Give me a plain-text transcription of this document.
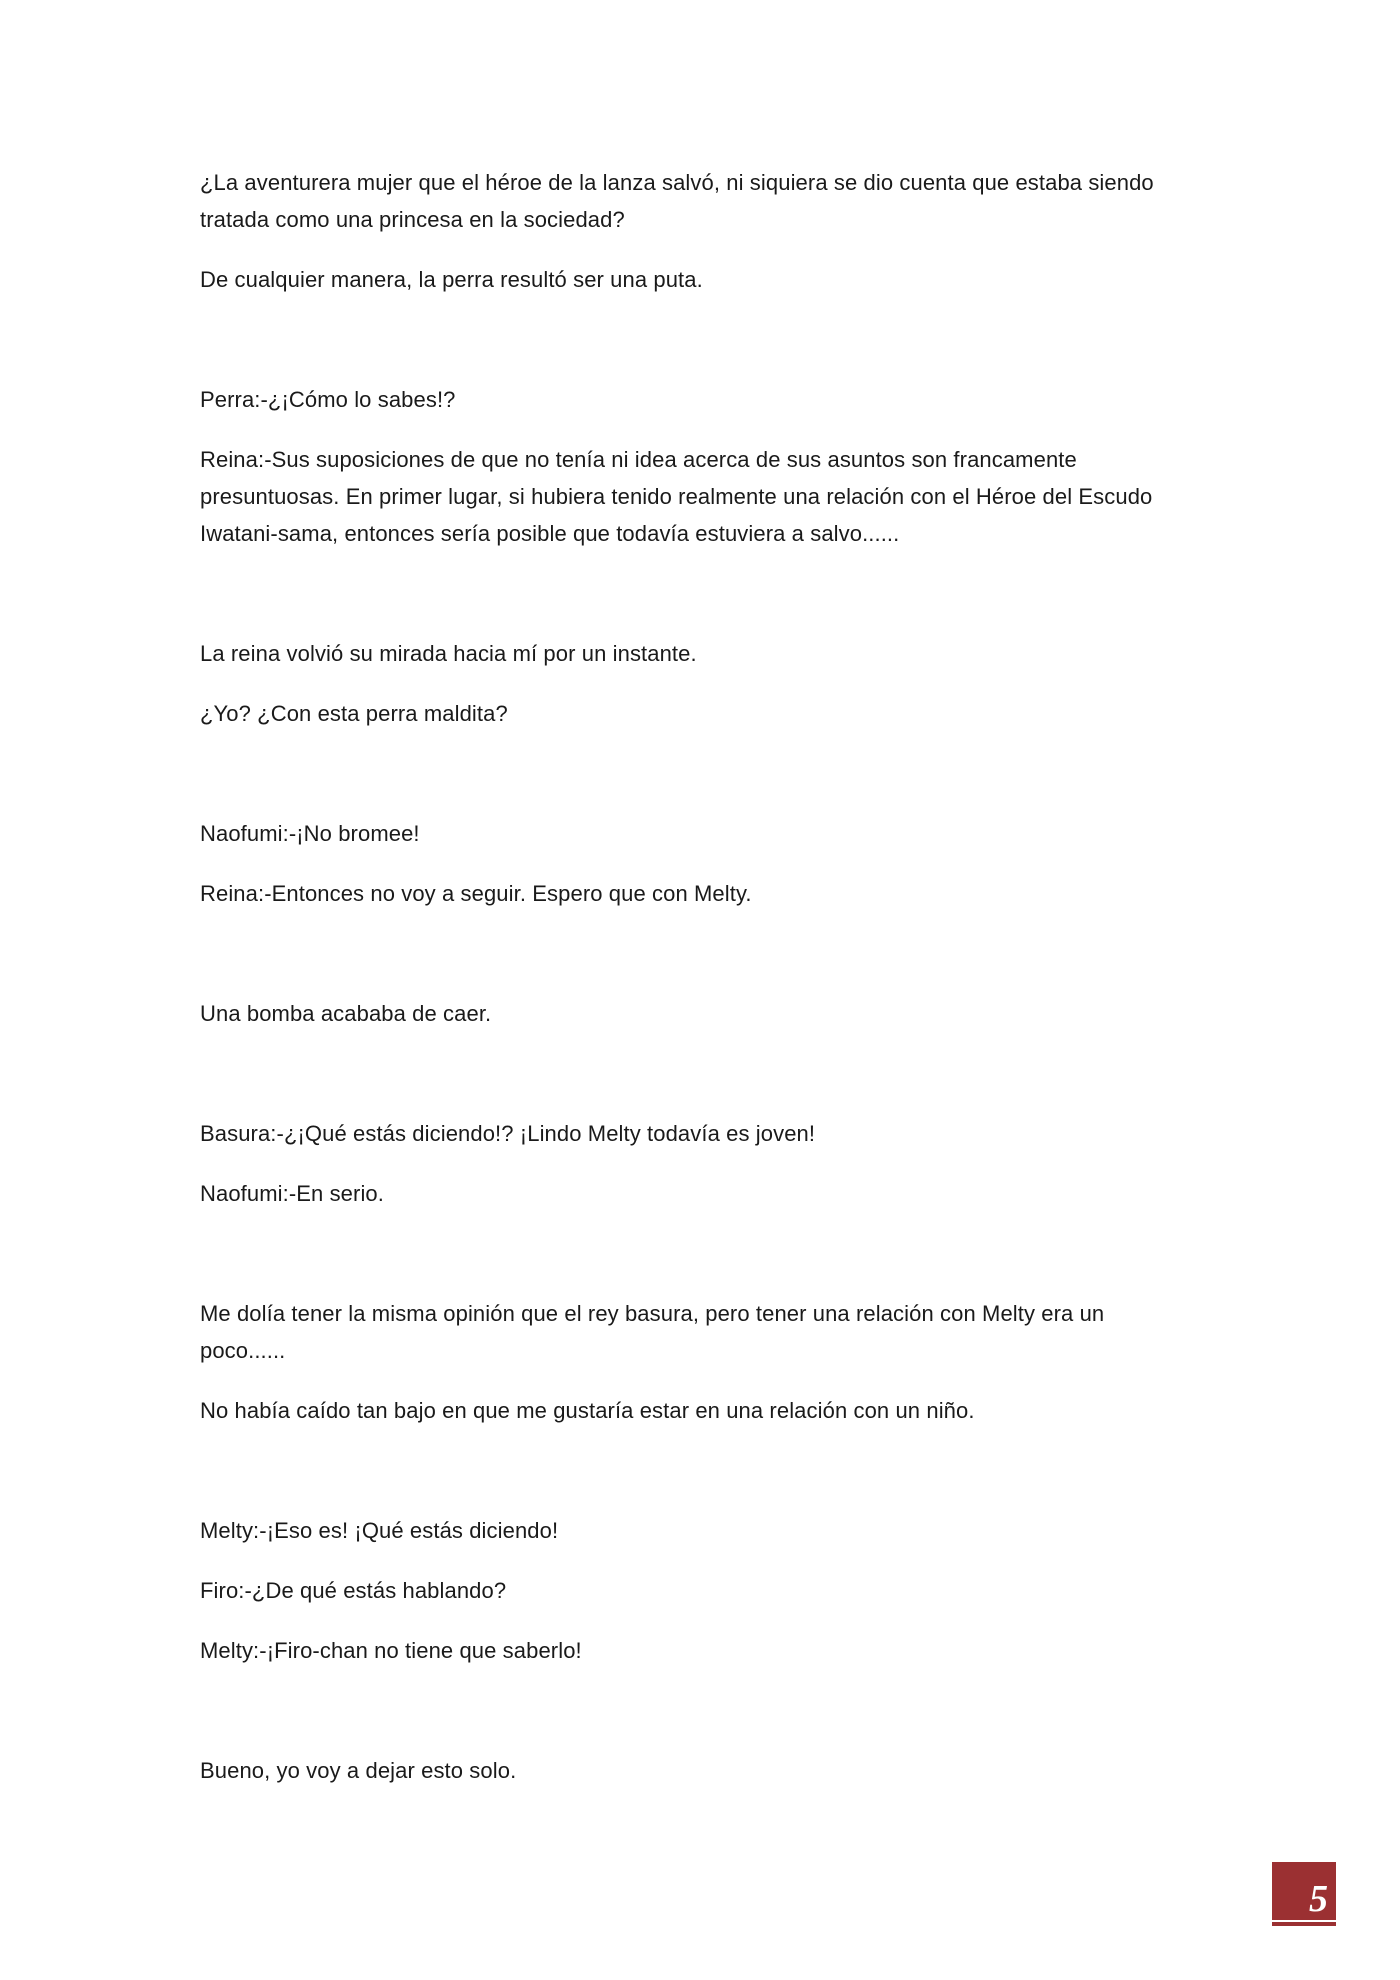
¿La aventurera mujer que el héroe de la lanza salvó, ni siquiera se dio cuenta que estaba siendo tratada como una princesa en la sociedad?

De cualquier manera, la perra resultó ser una puta.

Perra:-¿¡Cómo lo sabes!?

Reina:-Sus suposiciones de que no tenía ni idea acerca de sus asuntos son francamente presuntuosas. En primer lugar, si hubiera tenido realmente una relación con el Héroe del Escudo Iwatani-sama, entonces sería posible que todavía estuviera a salvo......

La reina volvió su mirada hacia mí por un instante.

¿Yo? ¿Con esta perra maldita?

Naofumi:-¡No bromee!

Reina:-Entonces no voy a seguir. Espero que con Melty.

Una bomba acababa de caer.

Basura:-¿¡Qué estás diciendo!? ¡Lindo Melty todavía es joven!

Naofumi:-En serio.

Me dolía tener la misma opinión que el rey basura, pero tener una relación con Melty era un poco......

No había caído tan bajo en que me gustaría estar en una relación con un niño.

Melty:-¡Eso es! ¡Qué estás diciendo!

Firo:-¿De qué estás hablando?

Melty:-¡Firo-chan no tiene que saberlo!

Bueno, yo voy a dejar esto solo.

5
